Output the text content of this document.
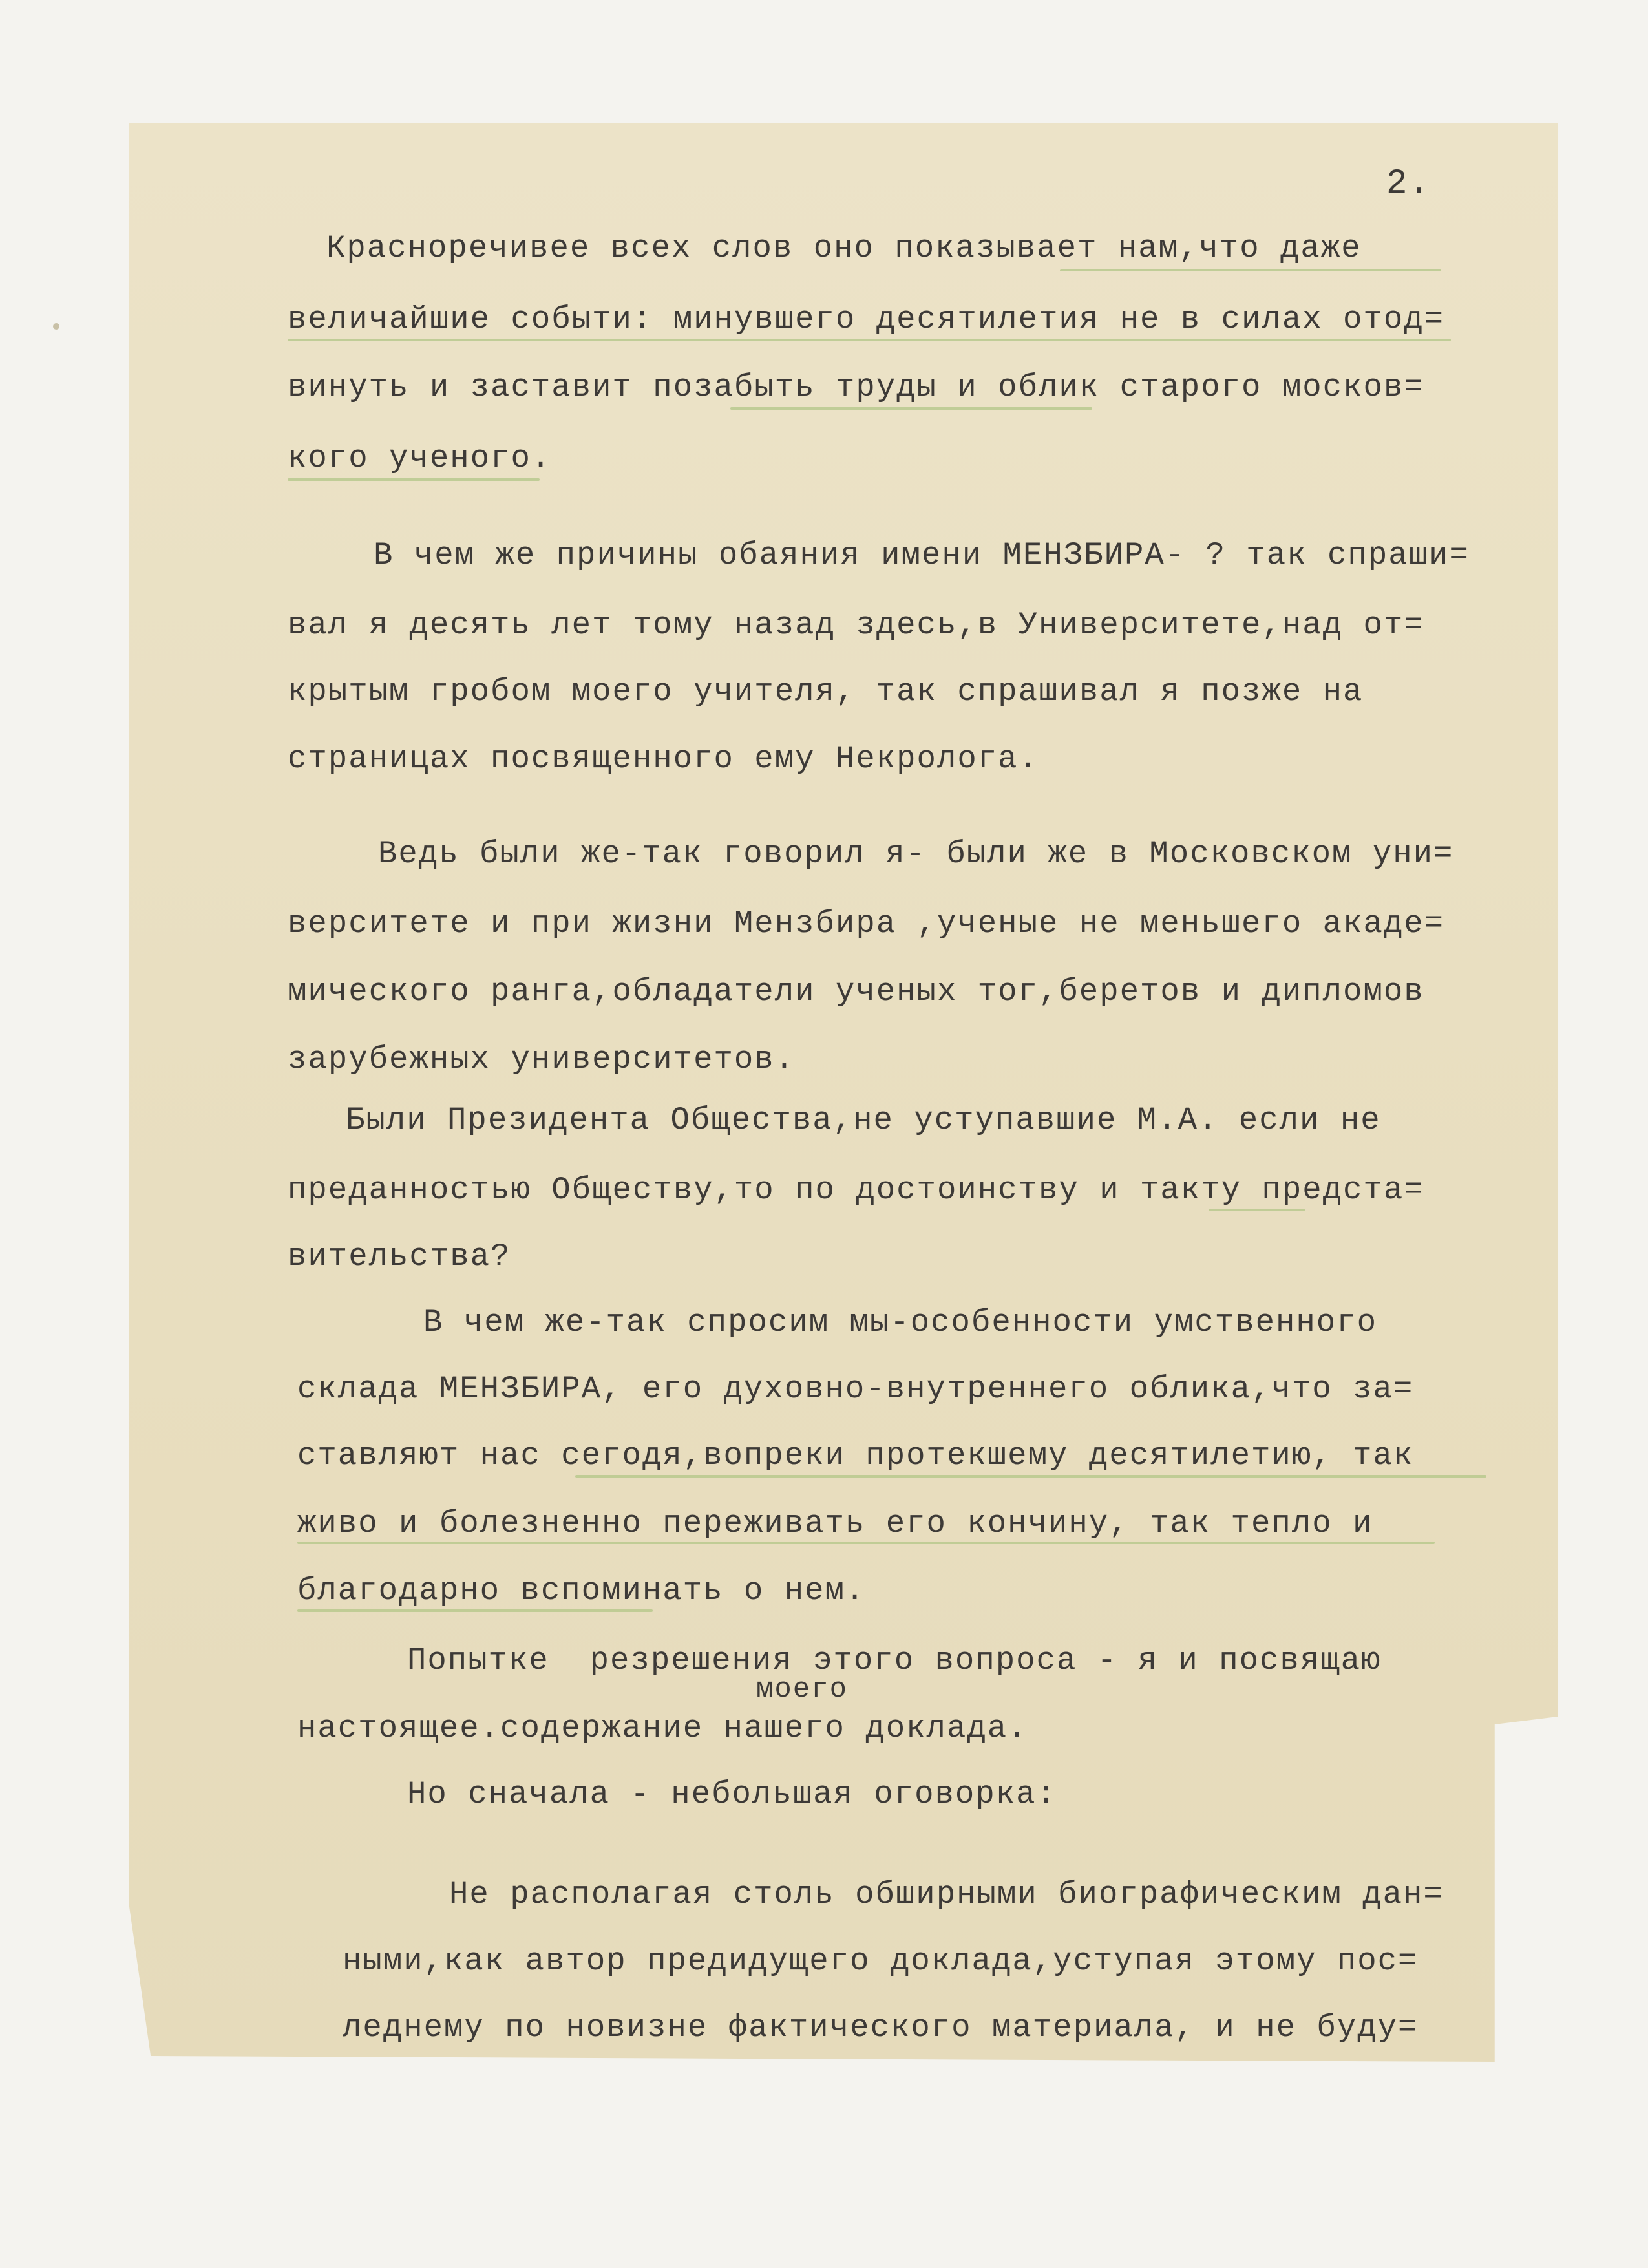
2.
Красноречивее всех слов оно показывает нам,что даже
величайшие событи: минувшего десятилетия не в силах отод=
винуть и заставит позабыть труды и облик старого москов=
кого ученого.
В чем же причины обаяния имени МЕНЗБИРА- ? так спраши=
вал я десять лет тому назад здесь,в Университете,над от=
крытым гробом моего учителя, так спрашивал я позже на
страницах посвященного ему Некролога.
Ведь были же-так говорил я- были же в Московском уни=
верситете и при жизни Мензбира ,ученые не меньшего акаде=
мического ранга,обладатели ученых тог,беретов и дипломов
зарубежных университетов.
Были Президента Общества,не уступавшие М.А. если не
преданностью Обществу,то по достоинству и такту предста=
вительства?
В чем же-так спросим мы-особенности умственного
склада МЕНЗБИРА, его духовно-внутреннего облика,что за=
ставляют нас сегодя,вопреки протекшему десятилетию, так
живо и болезненно переживать его кончину, так тепло и
благодарно вспоминать о нем.
Попытке  резрешения этого вопроса - я и посвящаю
моего
настоящее.содержание нашего доклада.
Но сначала - небольшая оговорка:
Не располагая столь обширными биографическим дан=
ными,как автор предидущего доклада,уступая этому пос=
леднему по новизне фактического материала, и не буду=
